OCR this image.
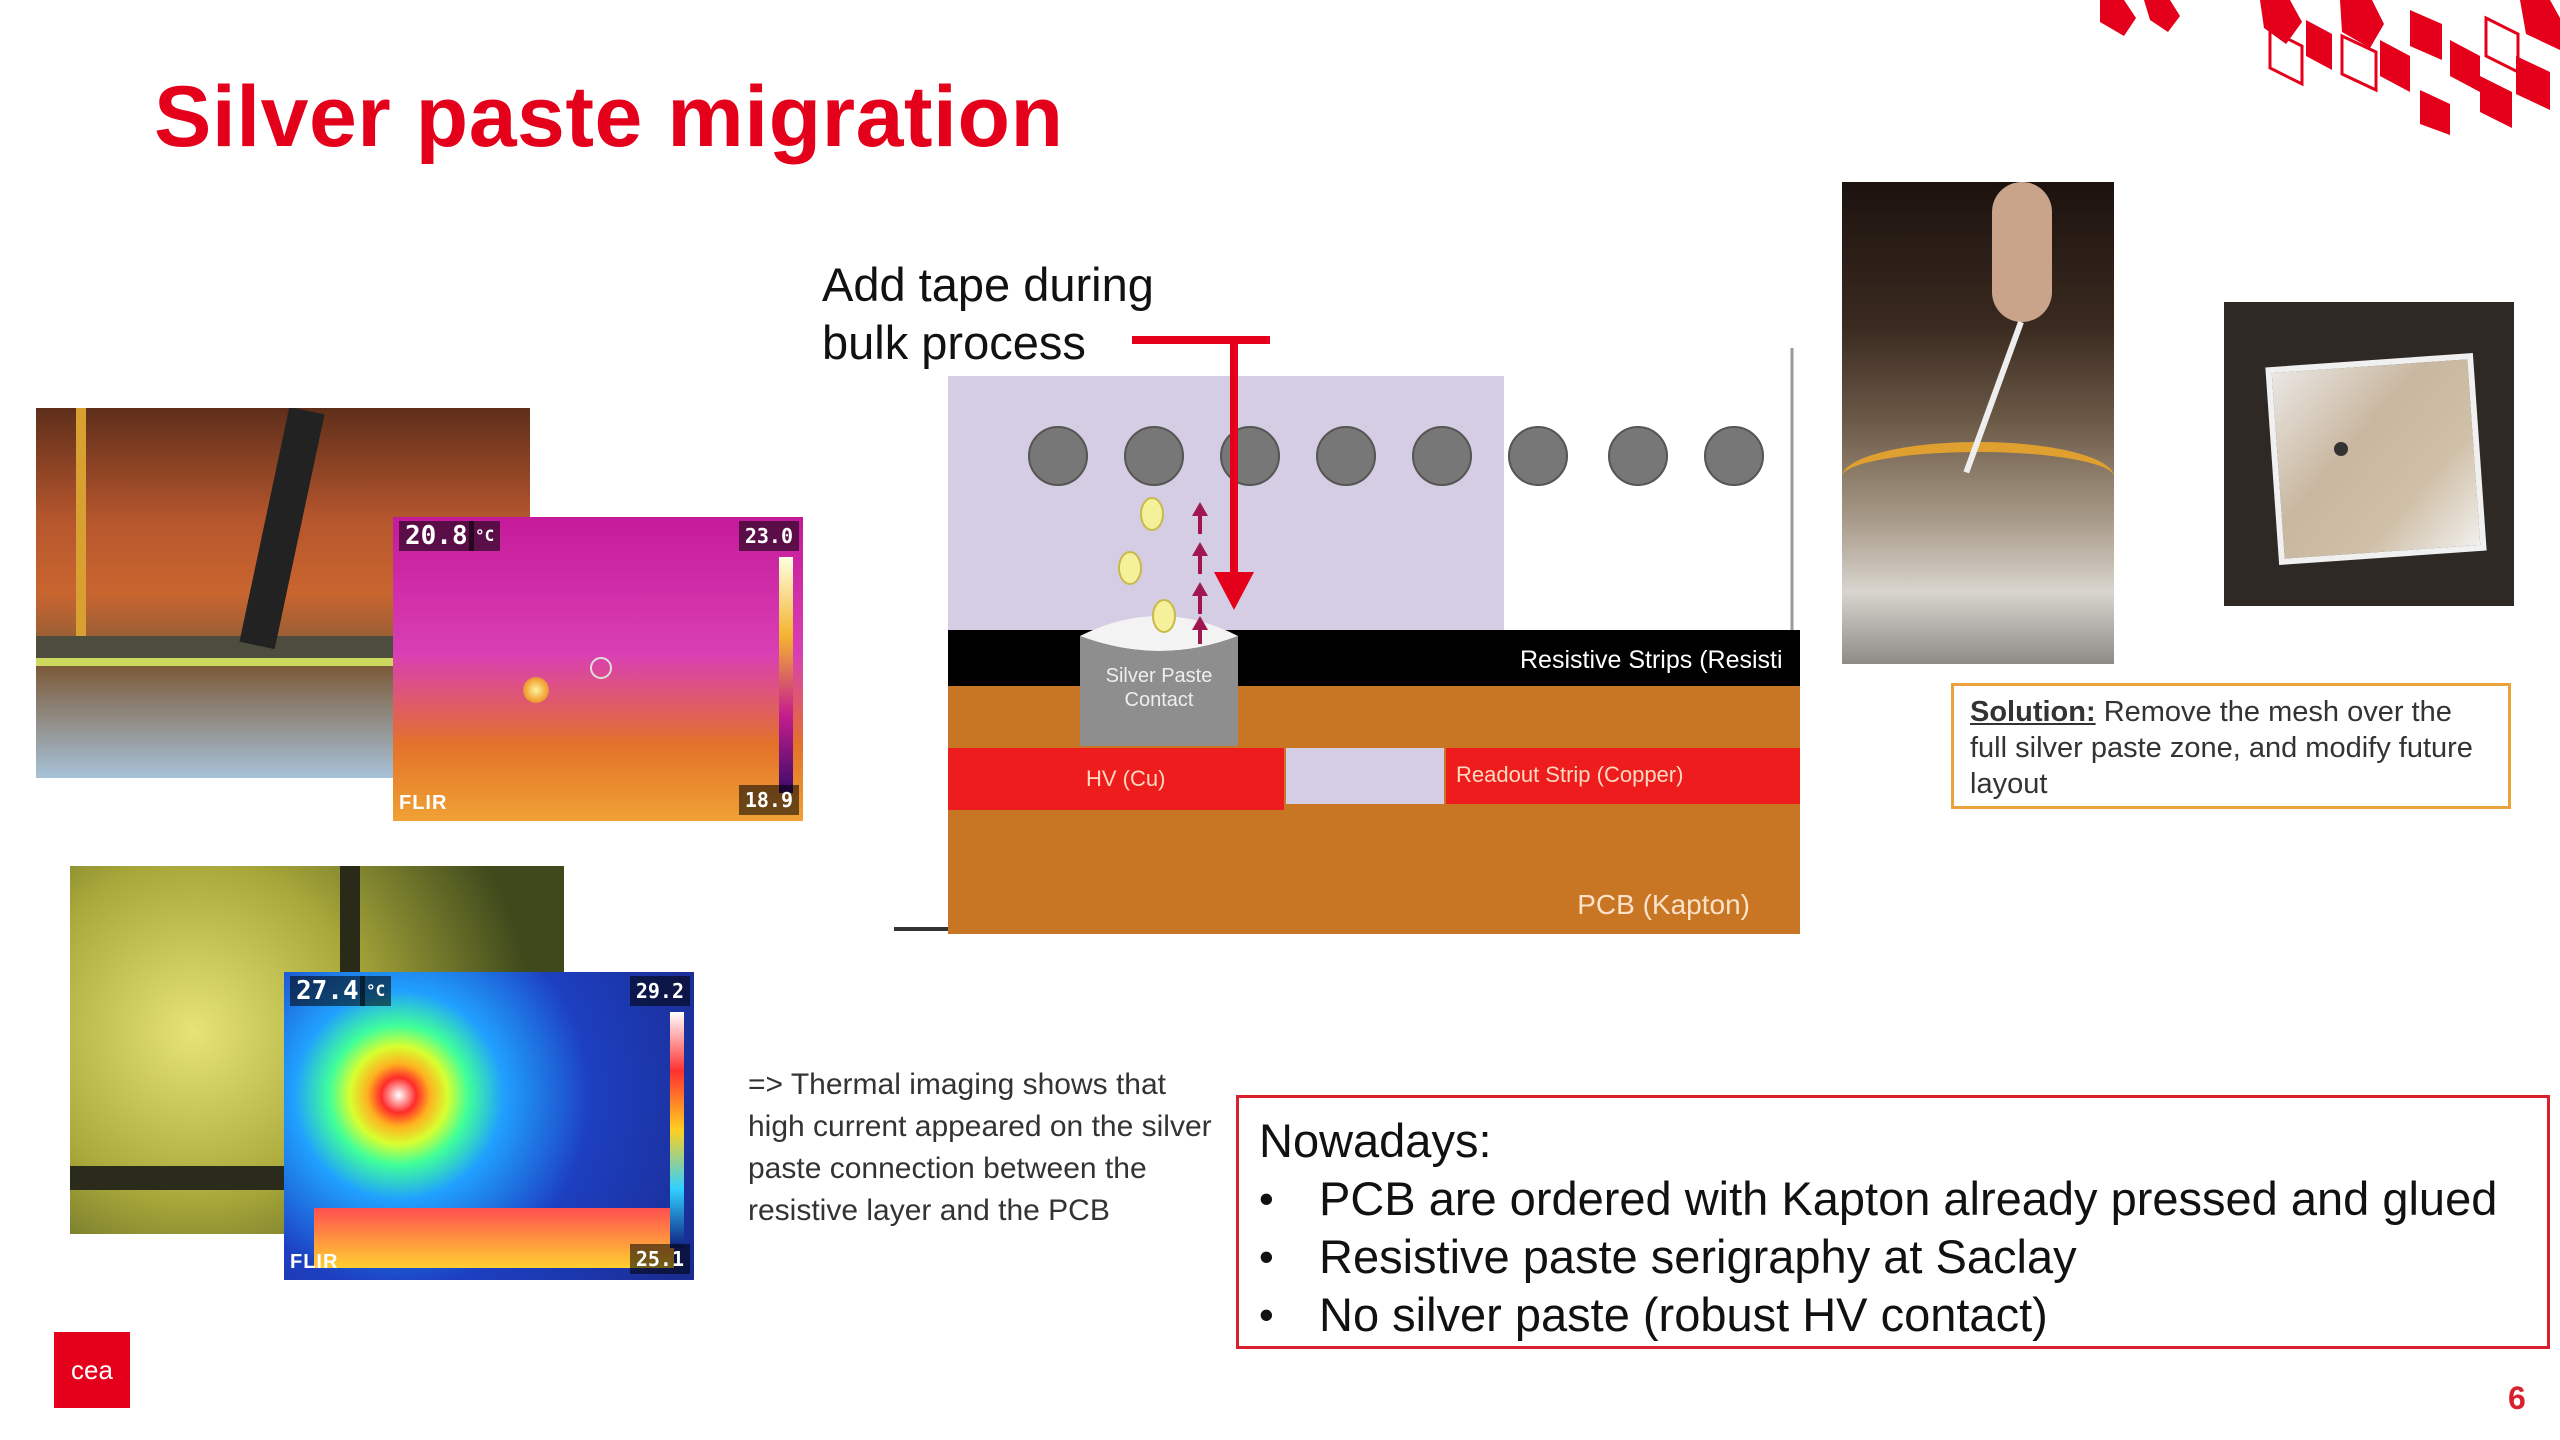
Silver paste migration
20.8 °C	23.0
18.9
FLIR
27.4 °C	29.2
25.1
FLIR
=> Thermal imaging shows that high current appeared on the silver paste connection between the resistive layer and the PCB
Add tape during
bulk process
Silver Paste
Contact
Resistive Strips (Resisti
HV (Cu)	Readout Strip (Copper)
PCB (Kapton)
Solution: Remove the mesh over the full silver paste zone, and modify future layout
Nowadays:
• PCB are ordered with Kapton already pressed and glued
• Resistive paste serigraphy at Saclay
• No silver paste (robust HV contact)
cea
6
